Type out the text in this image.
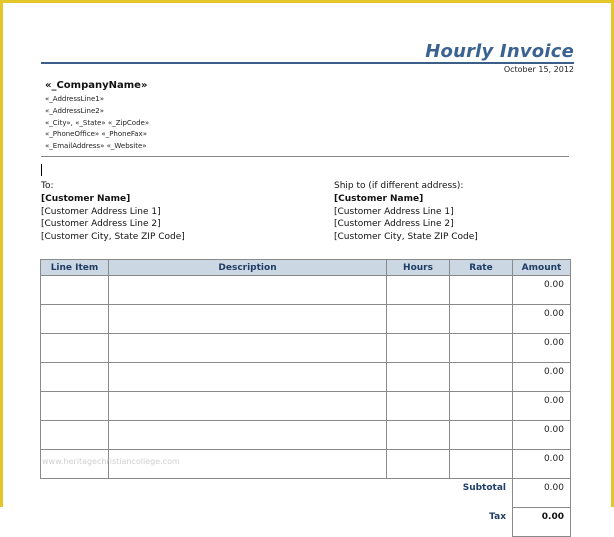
Hourly Invoice
October 15, 2012
«_CompanyName»
«_AddressLine1»
«_AddressLine2»
«_City», «_State» «_ZipCode»
«_PhoneOffice» «_PhoneFax»
«_EmailAddress» «_Website»
To:
[Customer Name]
[Customer Address Line 1]
[Customer Address Line 2]
[Customer City, State ZIP Code]
Ship to (if different address):
[Customer Name]
[Customer Address Line 1]
[Customer Address Line 2]
[Customer City, State ZIP Code]
Line Item	Description	Hours	Rate	Amount
				0.00
				0.00
				0.00
				0.00
				0.00
				0.00
				0.00
			Subtotal	0.00
			Tax	0.00
www.heritagechristiancollege.com
